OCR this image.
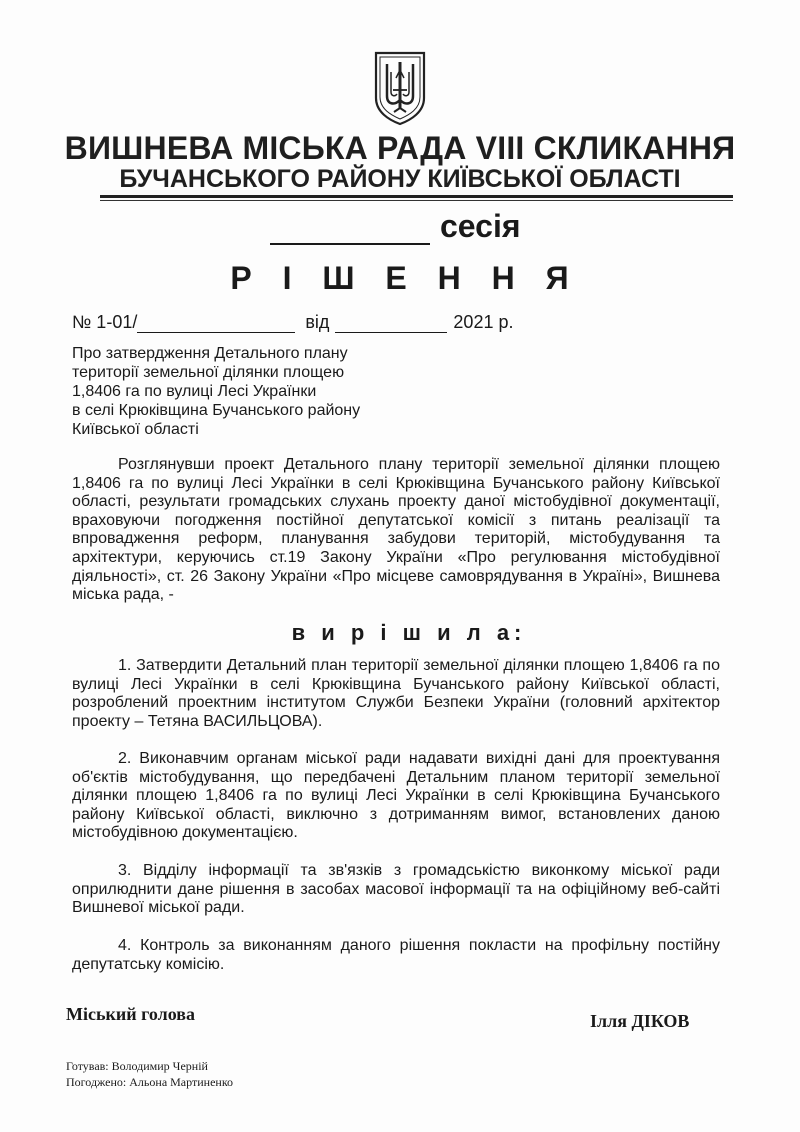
ВИШНЕВА МІСЬКА РАДА VIII СКЛИКАННЯ
БУЧАНСЬКОГО РАЙОНУ КИЇВСЬКОЇ ОБЛАСТІ
сесія
Р І Ш Е Н Н Я
№ 1-01/	від	2021 р.
Про затвердження Детального плану
території земельної ділянки площею
1,8406 га по вулиці Лесі Українки
в селі Крюківщина Бучанського району
Київської області
Розглянувши проект Детального плану території земельної ділянки площею 1,8406 га по вулиці Лесі Українки в селі Крюківщина Бучанського району Київської області, результати громадських слухань проекту даної містобудівної документації, враховуючи погодження постійної депутатської комісії з питань реалізації та впровадження реформ, планування забудови територій, містобудування та архітектури, керуючись ст.19 Закону України «Про регулювання містобудівної діяльності», ст. 26 Закону України «Про місцеве самоврядування в Україні», Вишнева міська рада, -
в и р і ш и л а:
1. Затвердити Детальний план території земельної ділянки площею 1,8406 га по вулиці Лесі Українки в селі Крюківщина Бучанського району Київської області, розроблений проектним інститутом Служби Безпеки України (головний архітектор проекту – Тетяна ВАСИЛЬЦОВА).
2. Виконавчим органам міської ради надавати вихідні дані для проектування об'єктів містобудування, що передбачені Детальним планом території земельної ділянки площею 1,8406 га по вулиці Лесі Українки в селі Крюківщина Бучанського району Київської області, виключно з дотриманням вимог, встановлених даною містобудівною документацією.
3. Відділу інформації та зв'язків з громадськістю виконкому міської ради оприлюднити дане рішення в засобах масової інформації та на офіційному веб-сайті Вишневої міської ради.
4. Контроль за виконанням даного рішення покласти на профільну постійну депутатську комісію.
Міський голова	Ілля ДІКОВ
Готував: Володимир Черній
Погоджено: Альона Мартиненко
